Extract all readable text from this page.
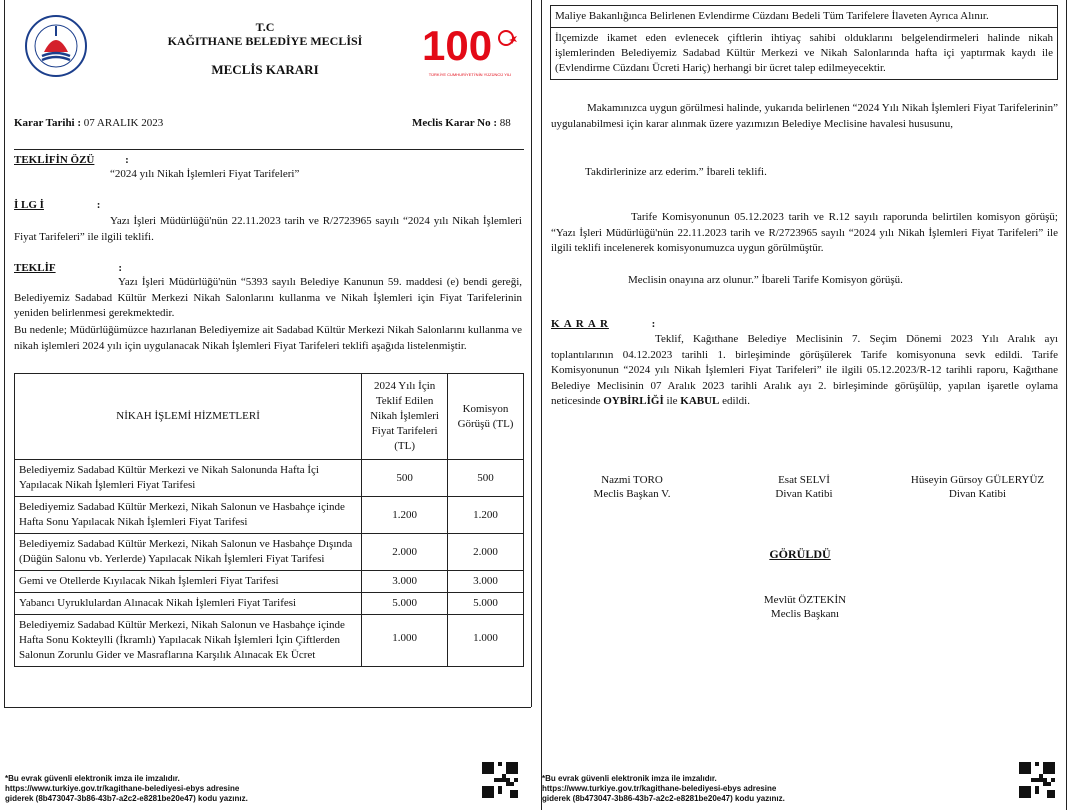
T.C
KAĞITHANE BELEDİYE MECLİSİ
MECLİS KARARI
100
TÜRKİYE CUMHURİYETİ'NİN YÜZÜNCÜ YILI
Karar Tarihi : 07 ARALIK 2023	Meclis Karar No : 88
TEKLİFİN ÖZÜ	:
“2024 yılı Nikah İşlemleri Fiyat Tarifeleri”
İ LG İ	:
Yazı İşleri Müdürlüğü'nün 22.11.2023 tarih ve R/2723965 sayılı “2024 yılı Nikah İşlemleri Fiyat Tarifeleri” ile ilgili teklifi.
TEKLİF	:
Yazı İşleri Müdürlüğü'nün “5393 sayılı Belediye Kanunun 59. maddesi (e) bendi gereği, Belediyemiz Sadabad Kültür Merkezi Nikah Salonlarını kullanma ve Nikah İşlemleri için Fiyat Tarifelerinin yeniden belirlenmesi gerekmektedir.
Bu nedenle; Müdürlüğümüzce hazırlanan Belediyemize ait Sadabad Kültür Merkezi Nikah Salonlarını kullanma ve nikah işlemleri 2024 yılı için uygulanacak Nikah İşlemleri Fiyat Tarifeleri teklifi aşağıda listelenmiştir.
NİKAH İŞLEMİ HİZMETLERİ	2024 Yılı İçin Teklif Edilen Nikah İşlemleri Fiyat Tarifeleri (TL)	Komisyon Görüşü (TL)
Belediyemiz Sadabad Kültür Merkezi ve Nikah Salonunda Hafta İçi Yapılacak Nikah İşlemleri Fiyat Tarifesi	500	500
Belediyemiz Sadabad Kültür Merkezi, Nikah Salonun ve Hasbahçe içinde Hafta Sonu Yapılacak Nikah İşlemleri Fiyat Tarifesi	1.200	1.200
Belediyemiz Sadabad Kültür Merkezi, Nikah Salonun ve Hasbahçe Dışında (Düğün Salonu vb. Yerlerde) Yapılacak Nikah İşlemleri Fiyat Tarifesi	2.000	2.000
Gemi ve Otellerde Kıyılacak Nikah İşlemleri Fiyat Tarifesi	3.000	3.000
Yabancı Uyruklulardan Alınacak Nikah İşlemleri Fiyat Tarifesi	5.000	5.000
Belediyemiz Sadabad Kültür Merkezi, Nikah Salonun ve Hasbahçe içinde Hafta Sonu Kokteylli (İkramlı) Yapılacak Nikah İşlemleri İçin Çiftlerden Salonun Zorunlu Gider ve Masraflarına Karşılık Alınacak Ek Ücret	1.000	1.000
Maliye Bakanlığınca Belirlenen Evlendirme Cüzdanı Bedeli Tüm Tarifelere İlaveten Ayrıca Alınır.
İlçemizde ikamet eden evlenecek çiftlerin ihtiyaç sahibi olduklarını belgelendirmeleri halinde nikah işlemlerinden Belediyemiz Sadabad Kültür Merkezi ve Nikah Salonlarında hafta içi yaptırmak kaydı ile (Evlendirme Cüzdanı Ücreti Hariç) herhangi bir ücret talep edilmeyecektir.
Makamınızca uygun görülmesi halinde, yukarıda belirlenen “2024 Yılı Nikah İşlemleri Fiyat Tarifelerinin” uygulanabilmesi için karar alınmak üzere yazımızın Belediye Meclisine havalesi hususunu,
Takdirlerinize arz ederim.” İbareli teklifi.
Tarife Komisyonunun 05.12.2023 tarih ve R.12 sayılı raporunda belirtilen komisyon görüşü; “Yazı İşleri Müdürlüğü'nün 22.11.2023 tarih ve R/2723965 sayılı “2024 yılı Nikah İşlemleri Fiyat Tarifeleri” ile ilgili teklifi incelenerek komisyonumuzca uygun görülmüştür.
Meclisin onayına arz olunur.” İbareli Tarife Komisyon görüşü.
K A R A R	:
Teklif, Kağıthane Belediye Meclisinin 7. Seçim Dönemi 2023 Yılı Aralık ayı toplantılarının 04.12.2023 tarihli 1. birleşiminde görüşülerek Tarife komisyonuna sevk edildi. Tarife Komisyonunun “2024 yılı Nikah İşlemleri Fiyat Tarifeleri” ile ilgili 05.12.2023/R-12 tarihli raporu, Kağıthane Belediye Meclisinin 07 Aralık 2023 tarihli Aralık ayı 2. birleşiminde görüşülüp, yapılan işaretle oylama neticesinde OYBİRLİĞİ ile KABUL edildi.
Nazmi TORO
Meclis Başkan V.
Esat SELVİ
Divan Katibi
Hüseyin Gürsoy GÜLERYÜZ
Divan Katibi
GÖRÜLDÜ
Mevlüt ÖZTEKİN
Meclis Başkanı
*Bu evrak güvenli elektronik imza ile imzalıdır.
https://www.turkiye.gov.tr/kagithane-belediyesi-ebys adresine
giderek (8b473047-3b86-43b7-a2c2-e8281be20e47) kodu yazınız.
*Bu evrak güvenli elektronik imza ile imzalıdır.
https://www.turkiye.gov.tr/kagithane-belediyesi-ebys adresine
giderek (8b473047-3b86-43b7-a2c2-e8281be20e47) kodu yazınız.
